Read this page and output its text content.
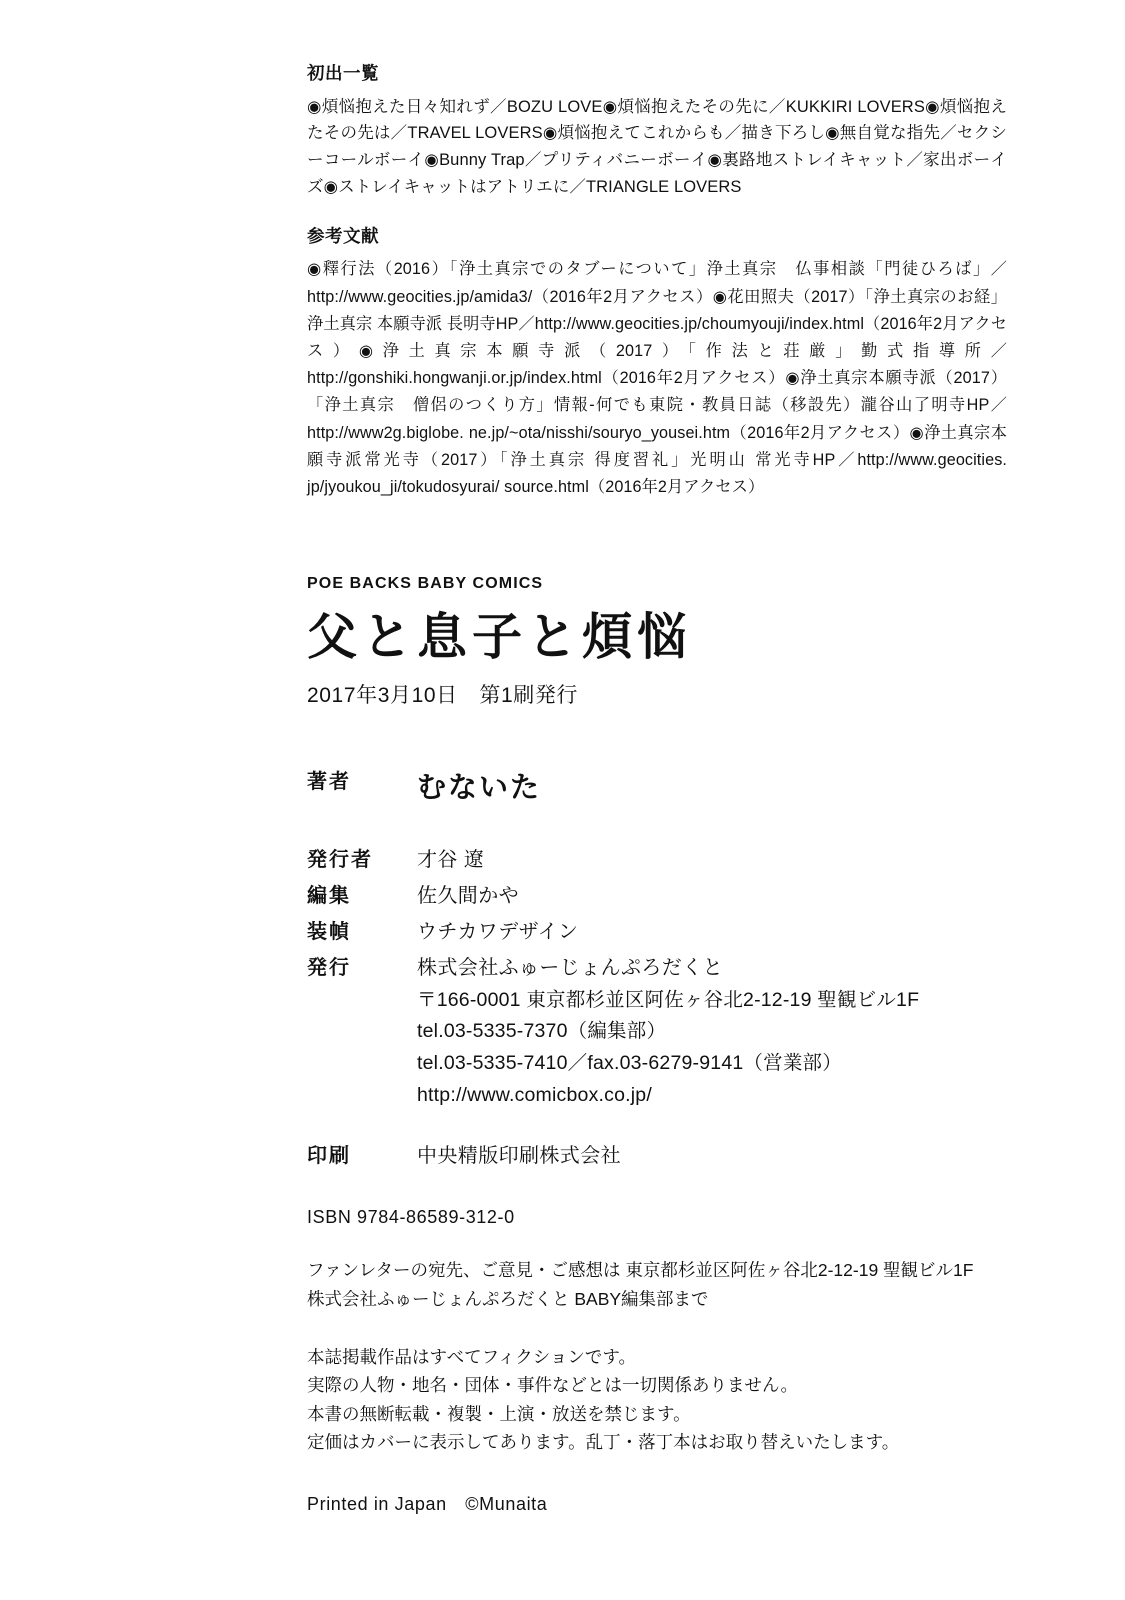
初出一覧

◉煩悩抱えた日々知れず／BOZU LOVE◉煩悩抱えたその先に／KUKKIRI LOVERS◉煩悩抱えたその先は／TRAVEL LOVERS◉煩悩抱えてこれからも／描き下ろし◉無自覚な指先／セクシーコールボーイ◉Bunny Trap／プリティバニーボーイ◉裏路地ストレイキャット／家出ボーイズ◉ストレイキャットはアトリエに／TRIANGLE LOVERS

参考文献

◉釋行法（2016）「浄土真宗でのタブーについて」浄土真宗　仏事相談「門徒ひろば」／http://www.geocities.jp/amida3/（2016年2月アクセス）◉花田照夫（2017）「浄土真宗のお経」浄土真宗 本願寺派 長明寺HP／http://www.geocities.jp/choumyouji/index.html（2016年2月アクセス）◉浄土真宗本願寺派（2017）「作法と荘厳」勤式指導所／http://gonshiki.hongwanji.or.jp/index.html（2016年2月アクセス）◉浄土真宗本願寺派（2017）「浄土真宗　僧侶のつくり方」情報-何でも東院・教員日誌（移設先）瀧谷山了明寺HP／http://www2g.biglobe. ne.jp/~ota/nisshi/souryo_yousei.htm（2016年2月アクセス）◉浄土真宗本願寺派常光寺（2017）「浄土真宗 得度習礼」光明山 常光寺HP／http://www.geocities. jp/jyoukou_ji/tokudosyurai/ source.html（2016年2月アクセス）

POE BACKS BABY COMICS
父と息子と煩悩
2017年3月10日　第1刷発行
著者	むないた
発行者	才谷 遼
編集	佐久間かや
装幀	ウチカワデザイン
発行	株式会社ふゅーじょんぷろだくと
〒166-0001 東京都杉並区阿佐ヶ谷北2-12-19 聖観ビル1F
tel.03-5335-7370（編集部）
tel.03-5335-7410／fax.03-6279-9141（営業部）
http://www.comicbox.co.jp/
印刷	中央精版印刷株式会社
ISBN 9784-86589-312-0
ファンレターの宛先、ご意見・ご感想は 東京都杉並区阿佐ヶ谷北2-12-19 聖観ビル1F
株式会社ふゅーじょんぷろだくと BABY編集部まで
本誌掲載作品はすべてフィクションです。
実際の人物・地名・団体・事件などとは一切関係ありません。
本書の無断転載・複製・上演・放送を禁じます。
定価はカバーに表示してあります。乱丁・落丁本はお取り替えいたします。
Printed in Japan　©Munaita
